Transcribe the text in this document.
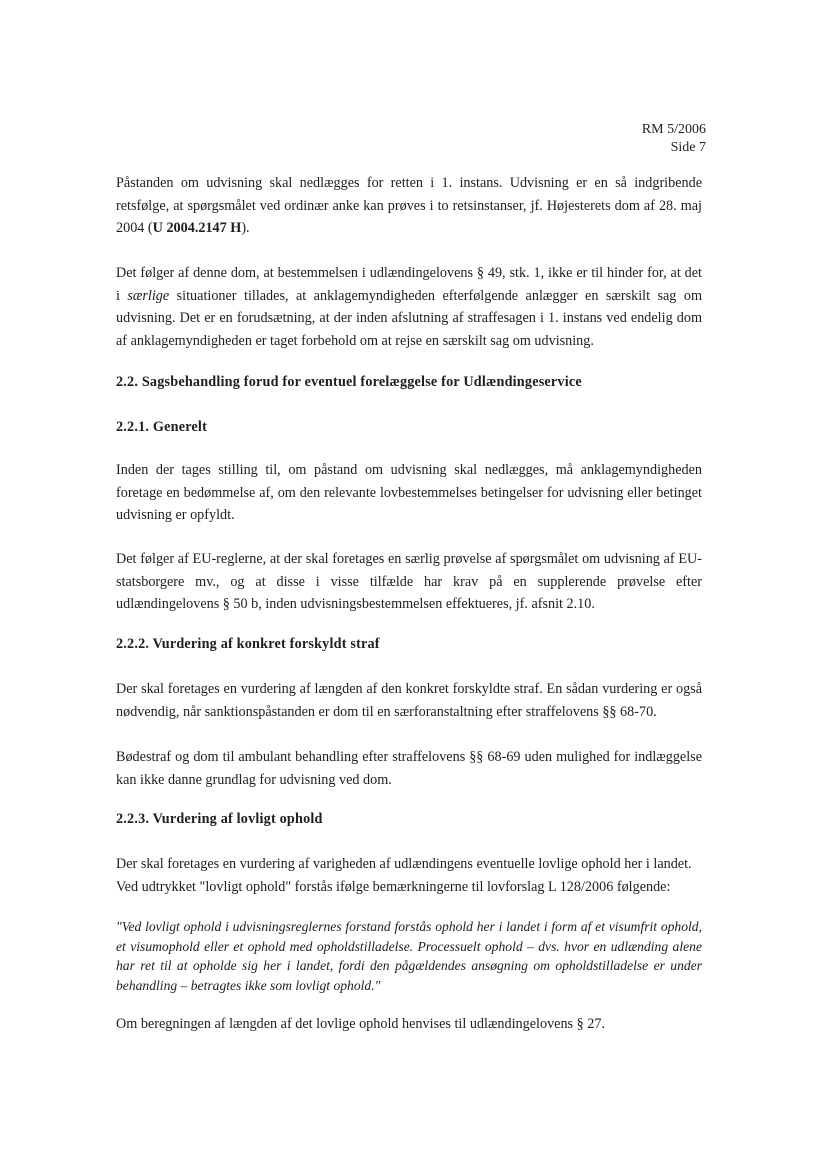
RM 5/2006
Side 7
Påstanden om udvisning skal nedlægges for retten i 1. instans. Udvisning er en så indgribende retsfølge, at spørgsmålet ved ordinær anke kan prøves i to retsinstanser, jf. Højesterets dom af 28. maj 2004 (U 2004.2147 H).
Det følger af denne dom, at bestemmelsen i udlændingelovens § 49, stk. 1, ikke er til hinder for, at det i særlige situationer tillades, at anklagemyndigheden efterfølgende anlægger en særskilt sag om udvisning. Det er en forudsætning, at der inden afslutning af straffesagen i 1. instans ved endelig dom af anklagemyndigheden er taget forbehold om at rejse en særskilt sag om udvisning.
2.2. Sagsbehandling forud for eventuel forelæggelse for Udlændingeservice
2.2.1. Generelt
Inden der tages stilling til, om påstand om udvisning skal nedlægges, må anklagemyndigheden foretage en bedømmelse af, om den relevante lovbestemmelses betingelser for udvisning eller betinget udvisning er opfyldt.
Det følger af EU-reglerne, at der skal foretages en særlig prøvelse af spørgsmålet om udvisning af EU-statsborgere mv., og at disse i visse tilfælde har krav på en supplerende prøvelse efter udlændingelovens § 50 b, inden udvisningsbestemmelsen effektueres, jf. afsnit 2.10.
2.2.2. Vurdering af konkret forskyldt straf
Der skal foretages en vurdering af længden af den konkret forskyldte straf. En sådan vurdering er også nødvendig, når sanktionspåstanden er dom til en særforanstaltning efter straffelovens §§ 68-70.
Bødestraf og dom til ambulant behandling efter straffelovens §§ 68-69 uden mulighed for indlæggelse kan ikke danne grundlag for udvisning ved dom.
2.2.3. Vurdering af lovligt ophold
Der skal foretages en vurdering af varigheden af udlændingens eventuelle lovlige ophold her i landet.
Ved udtrykket "lovligt ophold" forstås ifølge bemærkningerne til lovforslag L 128/2006 følgende:
"Ved lovligt ophold i udvisningsreglernes forstand forstås ophold her i landet i form af et visumfrit ophold, et visumophold eller et ophold med opholdstilladelse. Processuelt ophold – dvs. hvor en udlænding alene har ret til at opholde sig her i landet, fordi den pågældendes ansøgning om opholdstilladelse er under behandling – betragtes ikke som lovligt ophold."
Om beregningen af længden af det lovlige ophold henvises til udlændingelovens § 27.
